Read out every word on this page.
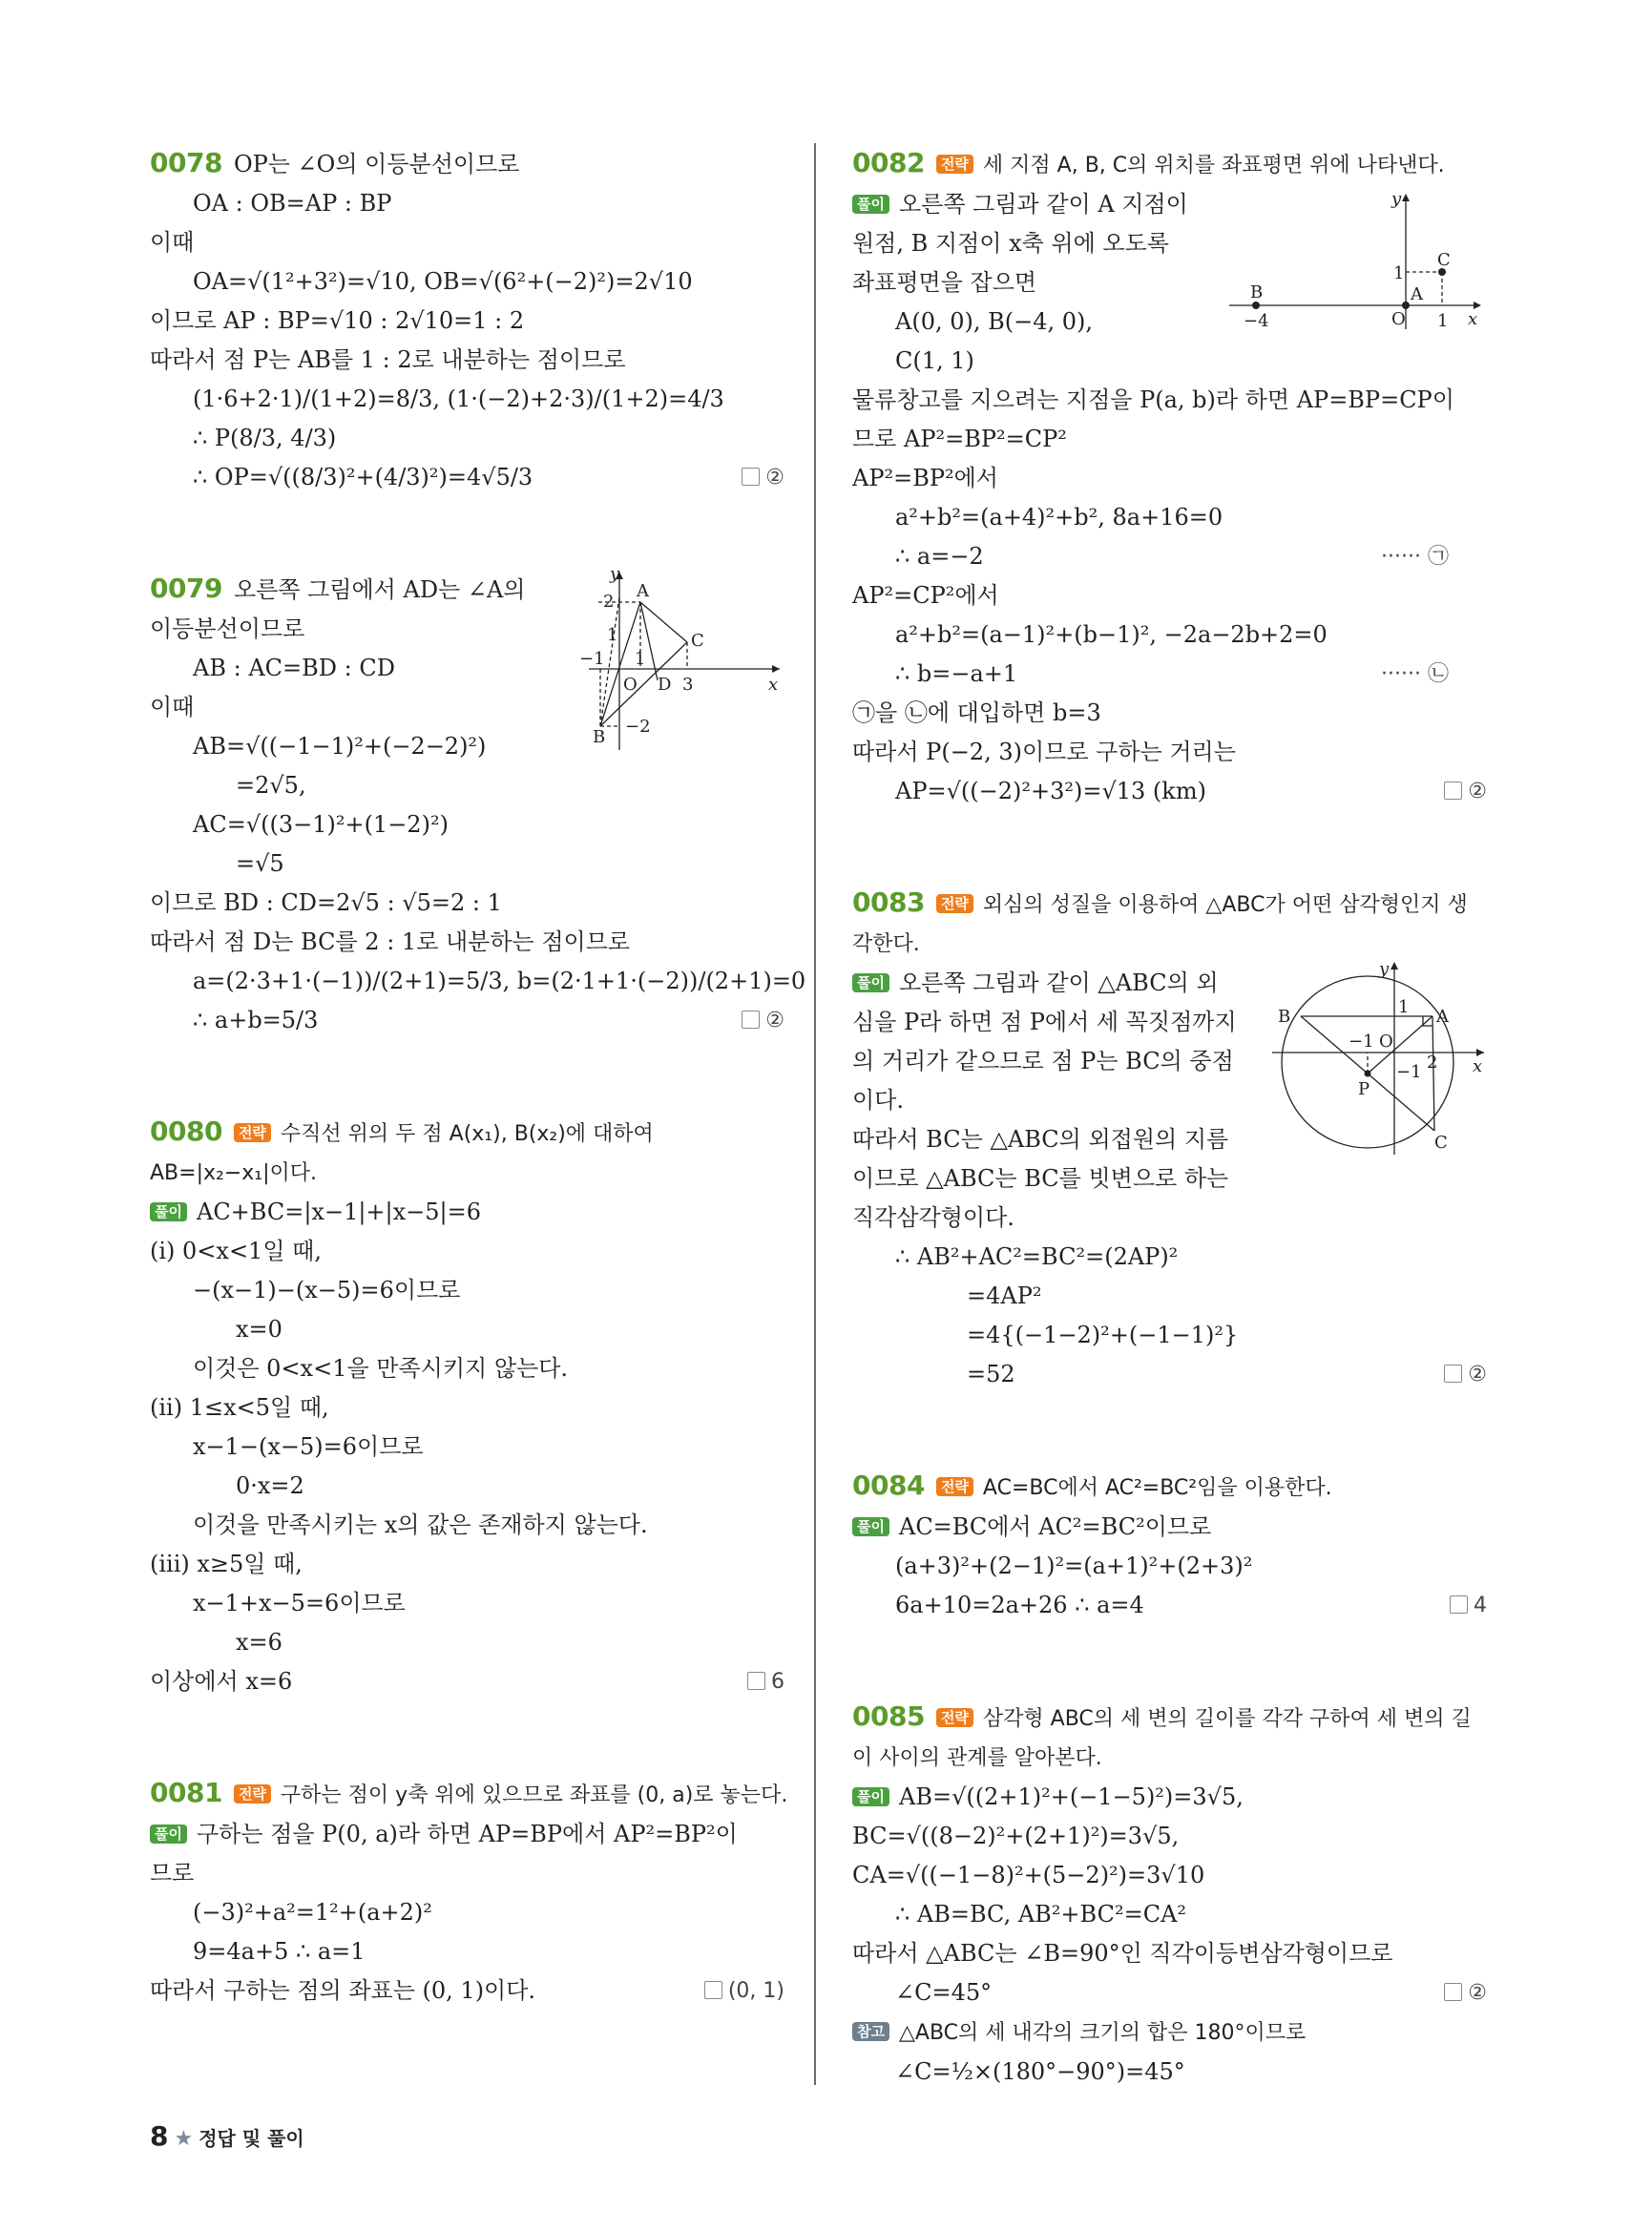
0078 OP는 ∠O의 이등분선이므로
OA : OB=AP : BP
이때
OA=√(1²+3²)=√10, OB=√(6²+(−2)²)=2√10
이므로 AP : BP=√10 : 2√10=1 : 2
따라서 점 P는 AB를 1 : 2로 내분하는 점이므로
(1·6+2·1)/(1+2)=8/3, (1·(−2)+2·3)/(1+2)=4/3
∴ P(8/3, 4/3)
∴ OP=√((8/3)²+(4/3)²)=4√5/3	②
y
x
A
B
C
D
O
2
1
−1 1
3
−2
0079 오른쪽 그림에서 AD는 ∠A의
이등분선이므로
AB : AC=BD : CD
이때
AB=√((−1−1)²+(−2−2)²)
=2√5,
AC=√((3−1)²+(1−2)²)
=√5
이므로 BD : CD=2√5 : √5=2 : 1
따라서 점 D는 BC를 2 : 1로 내분하는 점이므로
a=(2·3+1·(−1))/(2+1)=5/3, b=(2·1+1·(−2))/(2+1)=0
∴ a+b=5/3	②
0080 전략 수직선 위의 두 점 A(x₁), B(x₂)에 대하여
AB=|x₂−x₁|이다.
풀이 AC+BC=|x−1|+|x−5|=6
(i) 0<x<1일 때,
−(x−1)−(x−5)=6이므로
x=0
이것은 0<x<1을 만족시키지 않는다.
(ii) 1≤x<5일 때,
x−1−(x−5)=6이므로
0·x=2
이것을 만족시키는 x의 값은 존재하지 않는다.
(iii) x≥5일 때,
x−1+x−5=6이므로
x=6
이상에서 x=6	6
0081 전략 구하는 점이 y축 위에 있으므로 좌표를 (0, a)로 놓는다.
풀이 구하는 점을 P(0, a)라 하면 AP=BP에서 AP²=BP²이
므로
(−3)²+a²=1²+(a+2)²
9=4a+5 ∴ a=1
따라서 구하는 점의 좌표는 (0, 1)이다.	(0, 1)
y
x
A
B
C
O
1
−4	1
0082 전략 세 지점 A, B, C의 위치를 좌표평면 위에 나타낸다.
풀이 오른쪽 그림과 같이 A 지점이
원점, B 지점이 x축 위에 오도록
좌표평면을 잡으면
A(0, 0), B(−4, 0),
C(1, 1)
물류창고를 지으려는 지점을 P(a, b)라 하면 AP=BP=CP이
므로 AP²=BP²=CP²
AP²=BP²에서
a²+b²=(a+4)²+b², 8a+16=0
∴ a=−2	······ ㉠
AP²=CP²에서
a²+b²=(a−1)²+(b−1)², −2a−2b+2=0
∴ b=−a+1	······ ㉡
㉠을 ㉡에 대입하면 b=3
따라서 P(−2, 3)이므로 구하는 거리는
AP=√((−2)²+3²)=√13 (km)	②
y
x
A
B
C
P
O
1
−1
2
−1
0083 전략 외심의 성질을 이용하여 △ABC가 어떤 삼각형인지 생
각한다.
풀이 오른쪽 그림과 같이 △ABC의 외
심을 P라 하면 점 P에서 세 꼭짓점까지
의 거리가 같으므로 점 P는 BC의 중점
이다.
따라서 BC는 △ABC의 외접원의 지름
이므로 △ABC는 BC를 빗변으로 하는
직각삼각형이다.
∴ AB²+AC²=BC²=(2AP)²
=4AP²
=4{(−1−2)²+(−1−1)²}
=52	②
0084 전략 AC=BC에서 AC²=BC²임을 이용한다.
풀이 AC=BC에서 AC²=BC²이므로
(a+3)²+(2−1)²=(a+1)²+(2+3)²
6a+10=2a+26 ∴ a=4	4
0085 전략 삼각형 ABC의 세 변의 길이를 각각 구하여 세 변의 길
이 사이의 관계를 알아본다.
풀이 AB=√((2+1)²+(−1−5)²)=3√5,
BC=√((8−2)²+(2+1)²)=3√5,
CA=√((−1−8)²+(5−2)²)=3√10
∴ AB=BC, AB²+BC²=CA²
따라서 △ABC는 ∠B=90°인 직각이등변삼각형이므로
∠C=45°	②
참고 △ABC의 세 내각의 크기의 합은 180°이므로
∠C=½×(180°−90°)=45°
8 ★ 정답 및 풀이
